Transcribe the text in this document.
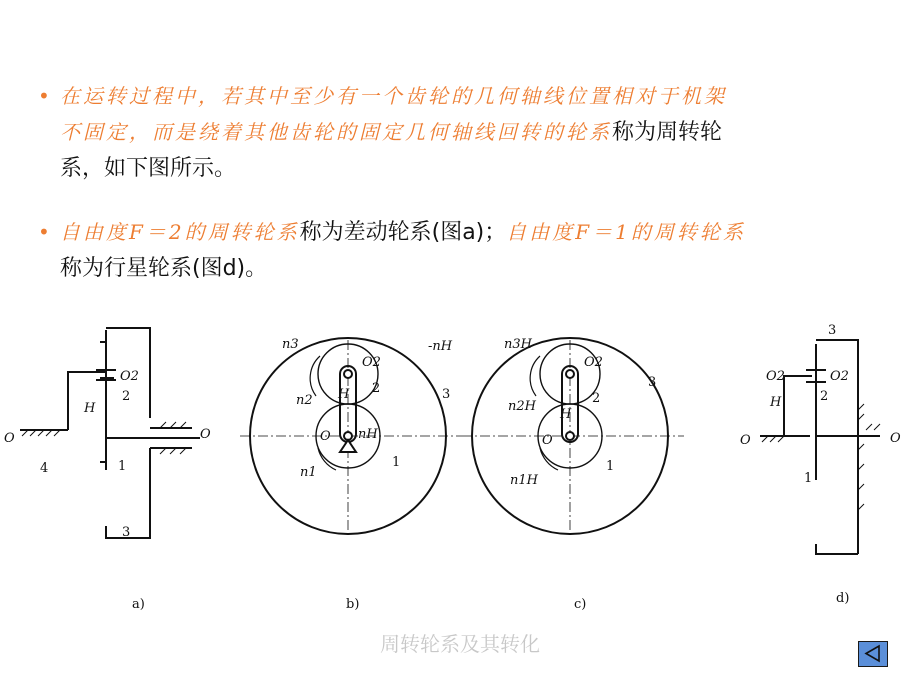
• 在运转过程中，若其中至少有一个齿轮的几何轴线位置相对于机架
不固定，而是绕着其他齿轮的固定几何轴线回转的轮系称为周转轮
系，如下图所示。
• 自由度F＝2的周转轮系称为差动轮系(图a)；自由度F＝1的周转轮系
称为行星轮系(图d)。
O	O
O2
H
2
1
3
4
a)
n3	-nH
O2
H 2
n2
O nH
1
n1
3
b)
n3H
O2
3
n2H
H
2
O
1
n1H
c)
3
O2	O2
H	2
O	O
1
d)
周转轮系及其转化
